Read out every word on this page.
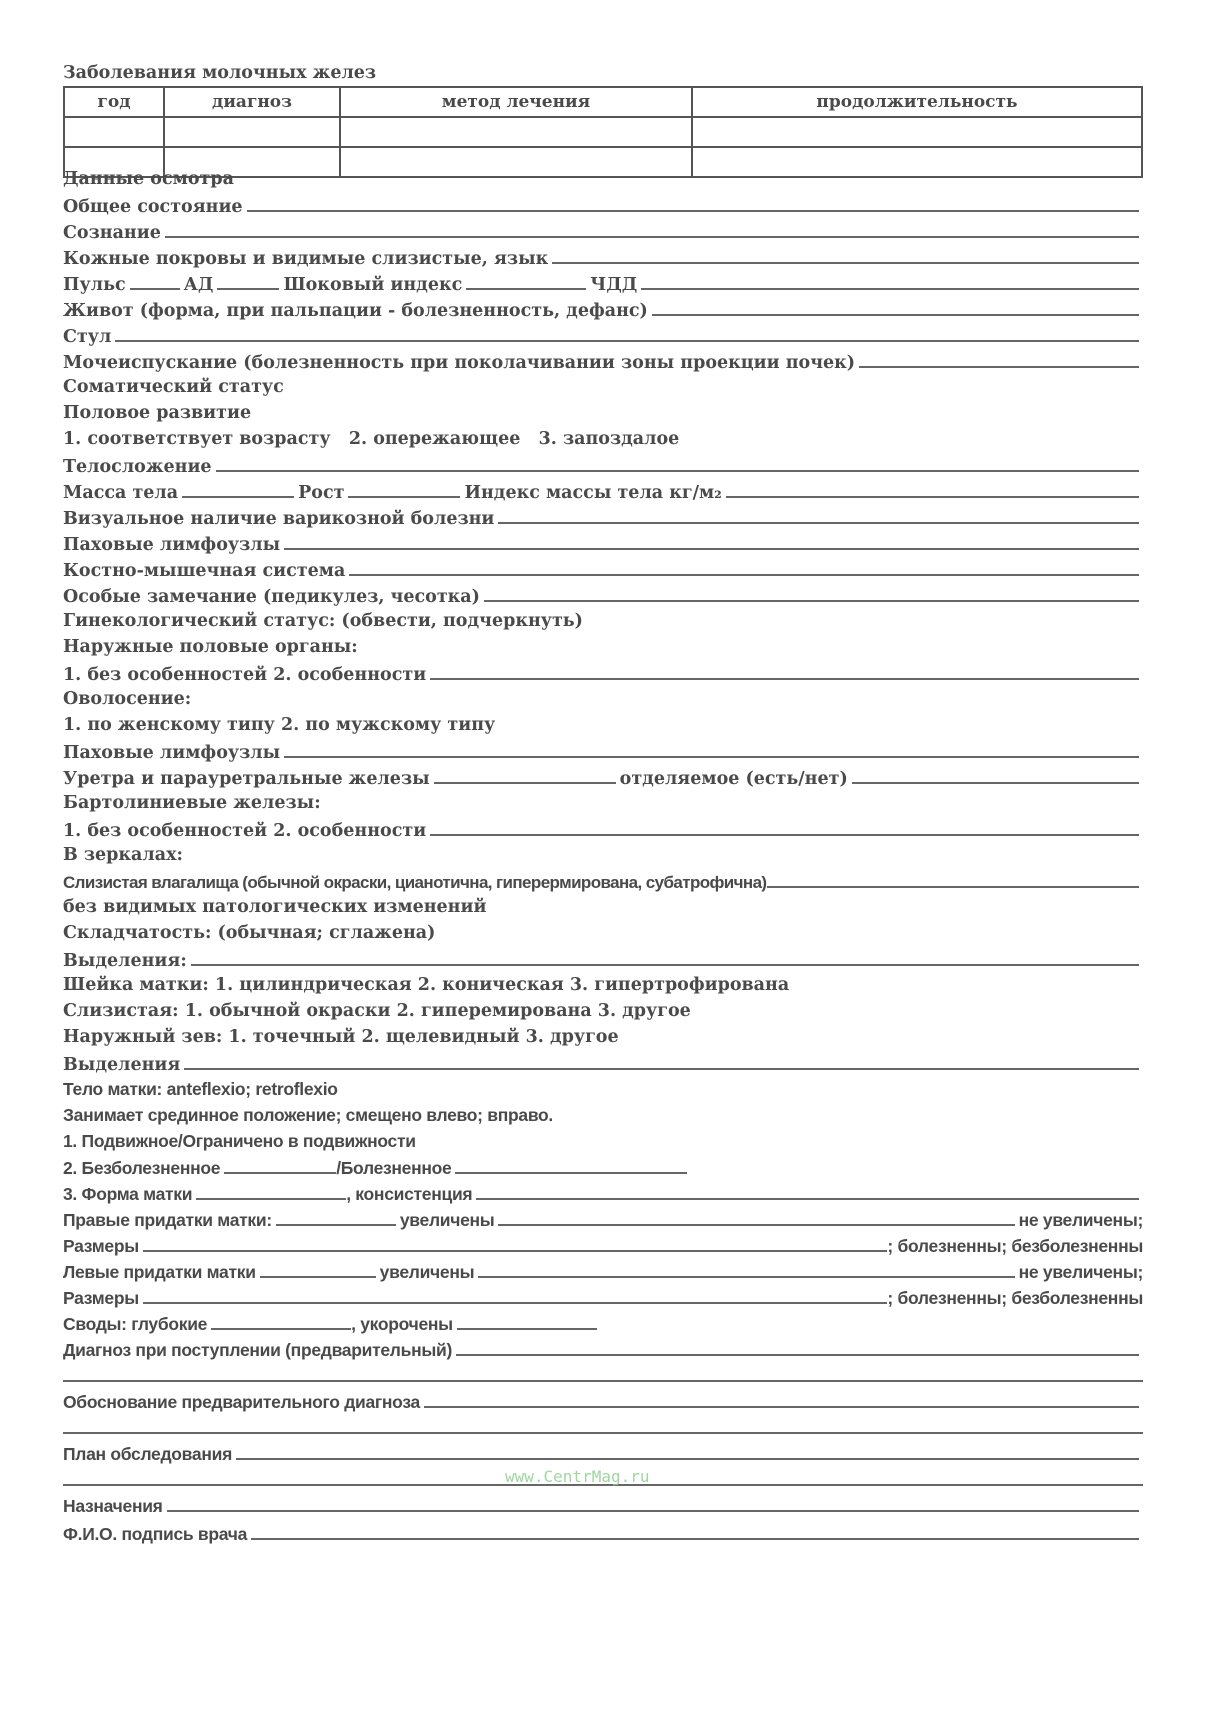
Заболевания молочных желез
год	диагноз	метод лечения	продолжительность

Данные осмотра
Общее состояние
Сознание
Кожные покровы и видимые слизистые, язык
Пульс	АД	Шоковый индекс	ЧДД
Живот (форма, при пальпации - болезненность, дефанс)
Стул
Мочеиспускание (болезненность при поколачивании зоны проекции почек)
Соматический статус
Половое развитие
1. соответствует возрасту   2. опережающее   3. запоздалое
Телосложение
Масса тела	Рост	Индекс массы тела кг/м₂
Визуальное наличие варикозной болезни
Паховые лимфоузлы
Костно-мышечная система
Особые замечание (педикулез, чесотка)
Гинекологический статус: (обвести, подчеркнуть)
Наружные половые органы:
1. без особенностей 2. особенности
Оволосение:
1. по женскому типу 2. по мужскому типу
Паховые лимфоузлы
Уретра и парауретральные железы	отделяемое (есть/нет)
Бартолиниевые железы:
1. без особенностей 2. особенности
В зеркалах:
Слизистая влагалища (обычной окраски, цианотична, гиперермирована, субатрофична)
без видимых патологических изменений
Складчатость: (обычная; сглажена)
Выделения:
Шейка матки: 1. цилиндрическая 2. коническая 3. гипертрофирована
Слизистая: 1. обычной окраски 2. гиперемирована 3. другое
Наружный зев: 1. точечный 2. щелевидный 3. другое
Выделения
Тело матки: anteflexio; retroflexio
Занимает срединное положение; смещено влево; вправо.
1. Подвижное/Ограничено в подвижности
2. Безболезненное	/Болезненное
3. Форма матки	, консистенция
Правые придатки матки:	увеличены	не увеличены;
Размеры	; болезненны; безболезненны
Левые придатки матки	увеличены	не увеличены;
Размеры	; болезненны; безболезненны
Своды: глубокие	, укорочены
Диагноз при поступлении (предварительный)
Обоснование предварительного диагноза
План обследования
Назначения
Ф.И.О. подпись врача
www.CentrMag.ru
